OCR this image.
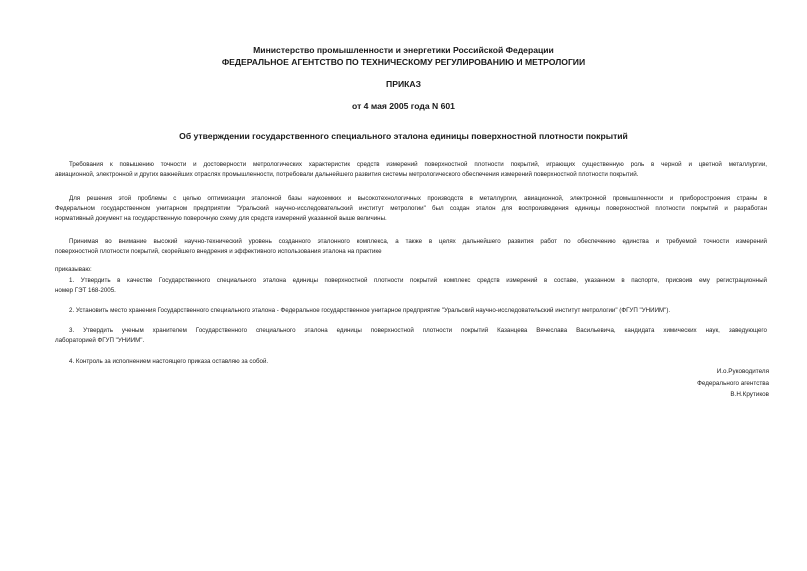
Министерство промышленности и энергетики Российской Федерации
ФЕДЕРАЛЬНОЕ АГЕНТСТВО ПО ТЕХНИЧЕСКОМУ РЕГУЛИРОВАНИЮ И МЕТРОЛОГИИ
ПРИКАЗ
от 4 мая 2005 года N 601
Об утверждении государственного специального эталона единицы поверхностной плотности покрытий
Требования к повышению точности и достоверности метрологических характеристик средств измерений поверхностной плотности покрытий, играющих существенную роль в черной и цветной металлургии,
авиационной, электронной и других важнейших отраслях промышленности, потребовали дальнейшего развития системы метрологического обеспечения измерений поверхностной плотности покрытий.
Для решения этой проблемы с целью оптимизации эталонной базы наукоемких и высокотехнологичных производств в металлургии, авиационной, электронной промышленности и приборостроения страны в
Федеральном государственном унитарном предприятии "Уральский научно-исследовательский институт метрологии" был создан эталон для воспроизведения единицы поверхностной плотности покрытий и разработан
нормативный документ на государственную поверочную схему для средств измерений указанной выше величины.
Принимая во внимание высокий научно-технический уровень созданного эталонного комплекса, а также в целях дальнейшего развития работ по обеспечению единства и требуемой точности измерений
поверхностной плотности покрытий, скорейшего внедрения и эффективного использования эталона на практике
приказываю:
1. Утвердить в качестве Государственного специального эталона единицы поверхностной плотности покрытий комплекс средств измерений в составе, указанном в паспорте, присвоив ему регистрационный
номер ГЭТ 168-2005.
2. Установить место хранения Государственного специального эталона - Федеральное государственное унитарное предприятие "Уральский научно-исследовательский институт метрологии" (ФГУП "УНИИМ").
3. Утвердить ученым хранителем Государственного специального эталона единицы поверхностной плотности покрытий Казанцева Вячеслава Васильевича, кандидата химических наук, заведующего
лабораторией ФГУП "УНИИМ".
4. Контроль за исполнением настоящего приказа оставляю за собой.
И.о.Руководителя
Федерального агентства
В.Н.Крутиков
